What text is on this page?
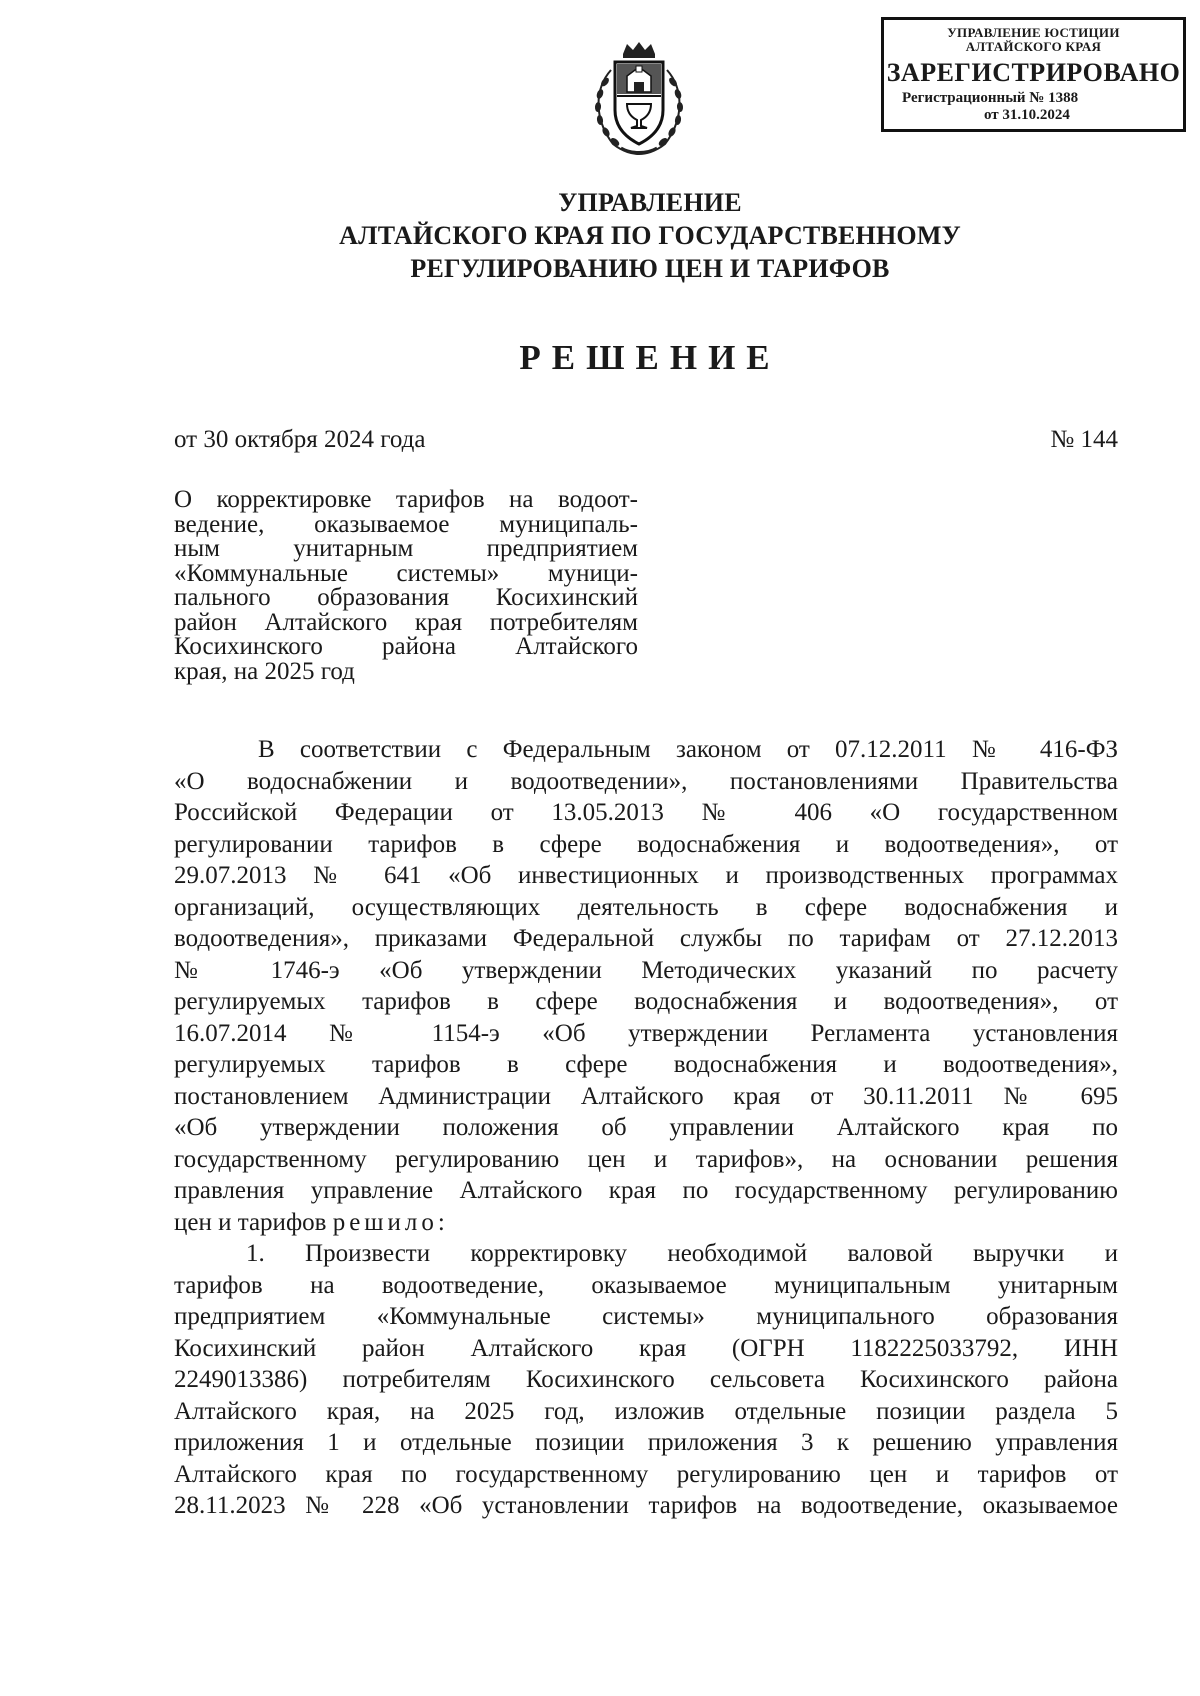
УПРАВЛЕНИЕ ЮСТИЦИИ
АЛТАЙСКОГО КРАЯ
ЗАРЕГИСТРИРОВАНО
Регистрационный № 1388
от 31.10.2024
УПРАВЛЕНИЕ
АЛТАЙСКОГО КРАЯ ПО ГОСУДАРСТВЕННОМУ
РЕГУЛИРОВАНИЮ ЦЕН И ТАРИФОВ
РЕШЕНИЕ
от 30 октября 2024 года	№ 144
О корректировке тарифов на водоот-
ведение, оказываемое муниципаль-
ным унитарным предприятием
«Коммунальные системы» муници-
пального образования Косихинский
район Алтайского края потребителям
Косихинского района Алтайского
края, на 2025 год
В соответствии с Федеральным законом от 07.12.2011 № 416-ФЗ
«О водоснабжении и водоотведении», постановлениями Правительства
Российской Федерации от 13.05.2013 № 406 «О государственном
регулировании тарифов в сфере водоснабжения и водоотведения», от
29.07.2013 № 641 «Об инвестиционных и производственных программах
организаций, осуществляющих деятельность в сфере водоснабжения и
водоотведения», приказами Федеральной службы по тарифам от 27.12.2013
№ 1746-э «Об утверждении Методических указаний по расчету
регулируемых тарифов в сфере водоснабжения и водоотведения», от
16.07.2014 № 1154-э «Об утверждении Регламента установления
регулируемых тарифов в сфере водоснабжения и водоотведения»,
постановлением Администрации Алтайского края от 30.11.2011 № 695
«Об утверждении положения об управлении Алтайского края по
государственному регулированию цен и тарифов», на основании решения
правления управление Алтайского края по государственному регулированию
цен и тарифов решило:
1. Произвести корректировку необходимой валовой выручки и
тарифов на водоотведение, оказываемое муниципальным унитарным
предприятием «Коммунальные системы» муниципального образования
Косихинский район Алтайского края (ОГРН 1182225033792, ИНН
2249013386) потребителям Косихинского сельсовета Косихинского района
Алтайского края, на 2025 год, изложив отдельные позиции раздела 5
приложения 1 и отдельные позиции приложения 3 к решению управления
Алтайского края по государственному регулированию цен и тарифов от
28.11.2023 № 228 «Об установлении тарифов на водоотведение, оказываемое
